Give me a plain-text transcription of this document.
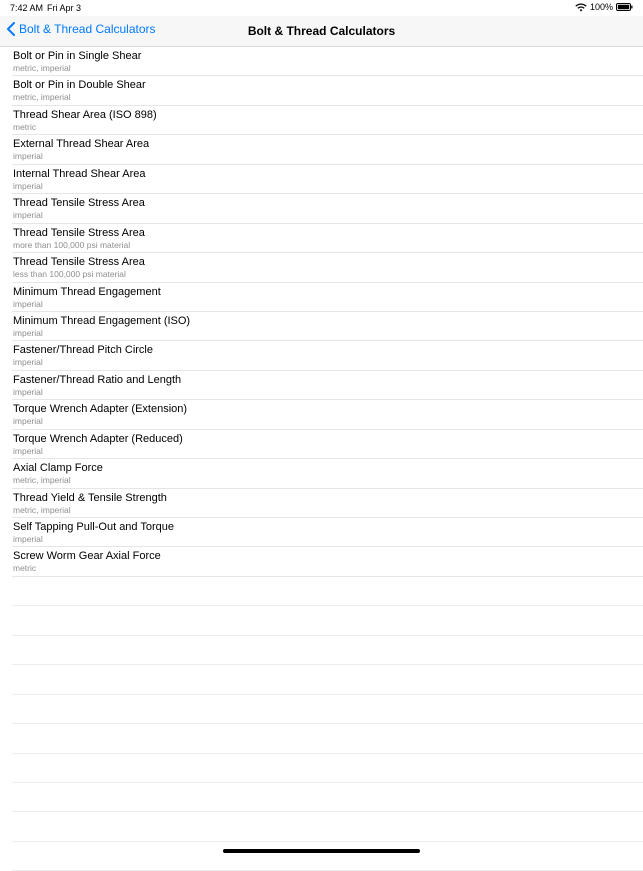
7:42 AM Fri Apr 3	100%
Bolt & Thread Calculators	Bolt & Thread Calculators
Bolt or Pin in Single Shear
metric, imperial
Bolt or Pin in Double Shear
metric, imperial
Thread Shear Area (ISO 898)
metric
External Thread Shear Area
imperial
Internal Thread Shear Area
imperial
Thread Tensile Stress Area
imperial
Thread Tensile Stress Area
more than 100,000 psi material
Thread Tensile Stress Area
less than 100,000 psi material
Minimum Thread Engagement
imperial
Minimum Thread Engagement (ISO)
imperial
Fastener/Thread Pitch Circle
imperial
Fastener/Thread Ratio and Length
imperial
Torque Wrench Adapter (Extension)
imperial
Torque Wrench Adapter (Reduced)
imperial
Axial Clamp Force
metric, imperial
Thread Yield & Tensile Strength
metric, imperial
Self Tapping Pull-Out and Torque
imperial
Screw Worm Gear Axial Force
metric
